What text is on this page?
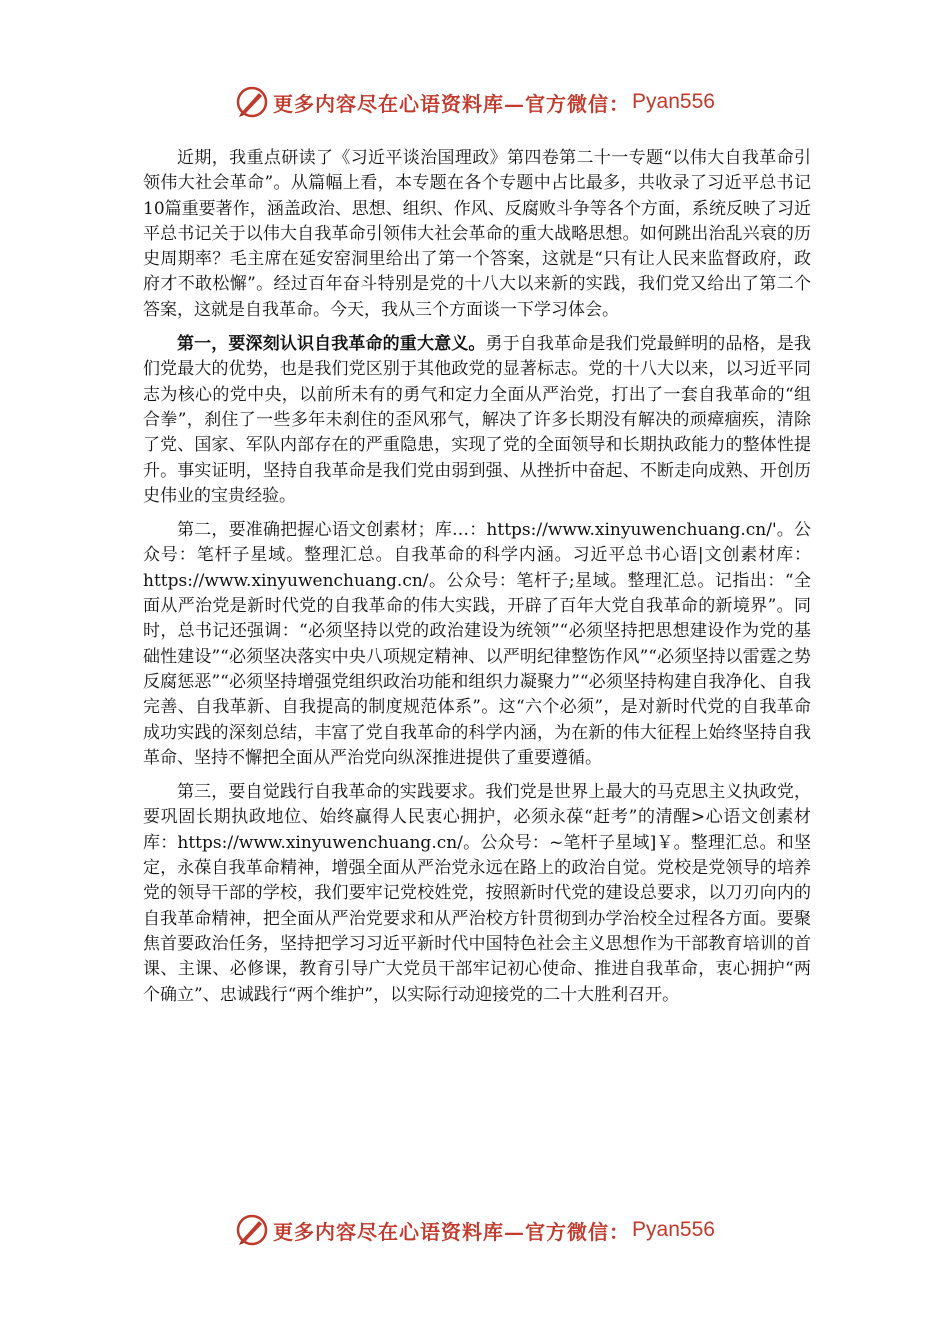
更多内容尽在心语资料库—官方微信： Pyan556

近期，我重点研读了《习近平谈治国理政》第四卷第二十一专题“以伟大自我革命引领伟大社会革命”。从篇幅上看，本专题在各个专题中占比最多，共收录了习近平总书记10篇重要著作，涵盖政治、思想、组织、作风、反腐败斗争等各个方面，系统反映了习近平总书记关于以伟大自我革命引领伟大社会革命的重大战略思想。如何跳出治乱兴衰的历史周期率？毛主席在延安窑洞里给出了第一个答案，这就是“只有让人民来监督政府，政府才不敢松懈”。经过百年奋斗特别是党的十八大以来新的实践，我们党又给出了第二个答案，这就是自我革命。今天，我从三个方面谈一下学习体会。

第一，要深刻认识自我革命的重大意义。勇于自我革命是我们党最鲜明的品格，是我们党最大的优势，也是我们党区别于其他政党的显著标志。党的十八大以来，以习近平同志为核心的党中央，以前所未有的勇气和定力全面从严治党，打出了一套自我革命的“组合拳”，刹住了一些多年未刹住的歪风邪气，解决了许多长期没有解决的顽瘴痼疾，清除了党、国家、军队内部存在的严重隐患，实现了党的全面领导和长期执政能力的整体性提升。事实证明，坚持自我革命是我们党由弱到强、从挫折中奋起、不断走向成熟、开创历史伟业的宝贵经验。

第二，要准确把握心语文创素材；库…：https://www.xinyuwenchuang.cn/'。公众号：笔杆子星域。整理汇总。自我革命的科学内涵。习近平总书心语|文创素材库：https://www.xinyuwenchuang.cn/。公众号：笔杆子;星域。整理汇总。记指出：“全面从严治党是新时代党的自我革命的伟大实践，开辟了百年大党自我革命的新境界”。同时，总书记还强调：“必须坚持以党的政治建设为统领”“必须坚持把思想建设作为党的基础性建设”“必须坚决落实中央八项规定精神、以严明纪律整饬作风”“必须坚持以雷霆之势反腐惩恶”“必须坚持增强党组织政治功能和组织力凝聚力”“必须坚持构建自我净化、自我完善、自我革新、自我提高的制度规范体系”。这“六个必须”，是对新时代党的自我革命成功实践的深刻总结，丰富了党自我革命的科学内涵，为在新的伟大征程上始终坚持自我革命、坚持不懈把全面从严治党向纵深推进提供了重要遵循。

第三，要自觉践行自我革命的实践要求。我们党是世界上最大的马克思主义执政党，要巩固长期执政地位、始终赢得人民衷心拥护，必须永葆“赶考”的清醒>心语文创素材库：https://www.xinyuwenchuang.cn/。公众号：~笔杆子星域]￥。整理汇总。和坚定，永葆自我革命精神，增强全面从严治党永远在路上的政治自觉。党校是党领导的培养党的领导干部的学校，我们要牢记党校姓党，按照新时代党的建设总要求，以刀刃向内的自我革命精神，把全面从严治党要求和从严治校方针贯彻到办学治校全过程各方面。要聚焦首要政治任务，坚持把学习习近平新时代中国特色社会主义思想作为干部教育培训的首课、主课、必修课，教育引导广大党员干部牢记初心使命、推进自我革命，衷心拥护“两个确立”、忠诚践行“两个维护”，以实际行动迎接党的二十大胜利召开。

更多内容尽在心语资料库—官方微信： Pyan556
